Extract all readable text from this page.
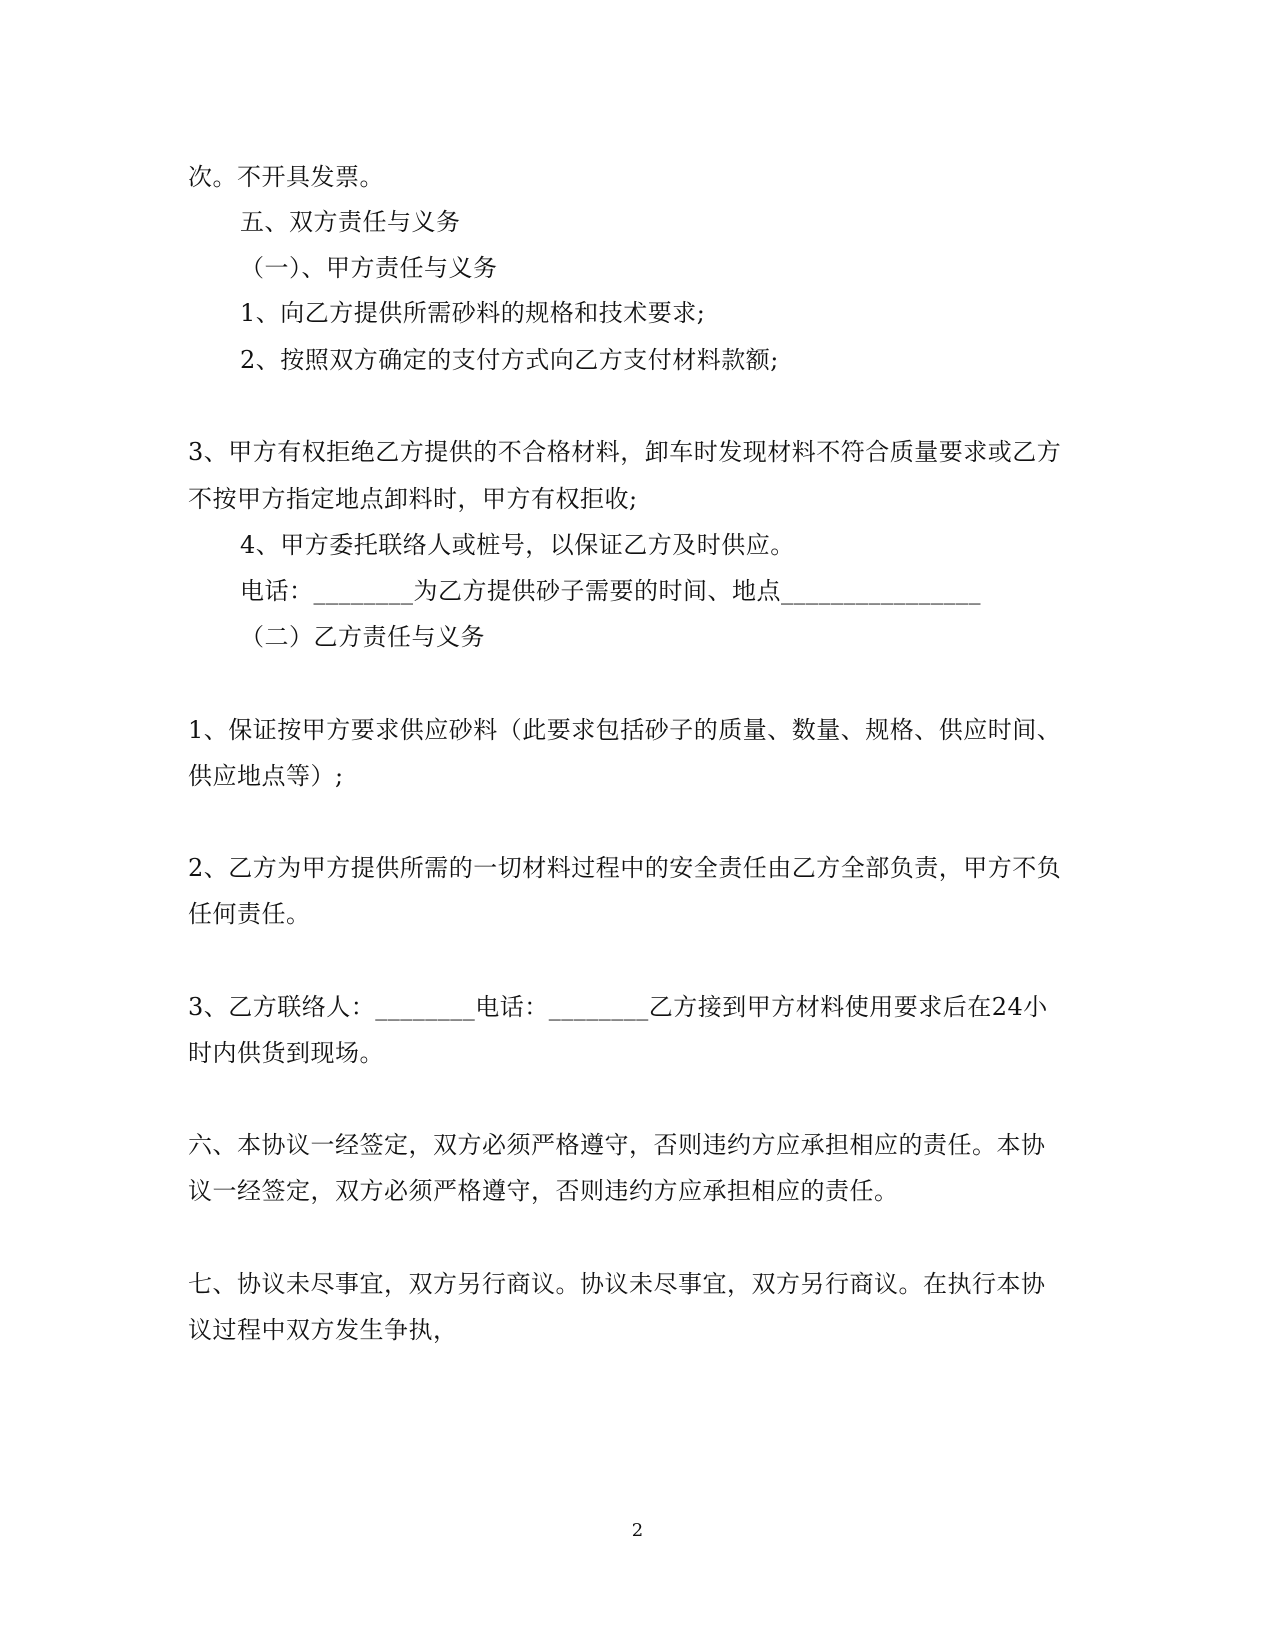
次。不开具发票。
五、双方责任与义务
（一）、甲方责任与义务
1、向乙方提供所需砂料的规格和技术要求;
2、按照双方确定的支付方式向乙方支付材料款额;
3、甲方有权拒绝乙方提供的不合格材料，卸车时发现材料不符合质量要求或乙方
不按甲方指定地点卸料时，甲方有权拒收;
4、甲方委托联络人或桩号，以保证乙方及时供应。
电话：________为乙方提供砂子需要的时间、地点________________
（二）乙方责任与义务
1、保证按甲方要求供应砂料（此要求包括砂子的质量、数量、规格、供应时间、
供应地点等）;
2、乙方为甲方提供所需的一切材料过程中的安全责任由乙方全部负责，甲方不负
任何责任。
3、乙方联络人：________电话：________乙方接到甲方材料使用要求后在24小
时内供货到现场。
六、本协议一经签定，双方必须严格遵守，否则违约方应承担相应的责任。本协
议一经签定，双方必须严格遵守，否则违约方应承担相应的责任。
七、协议未尽事宜，双方另行商议。协议未尽事宜，双方另行商议。在执行本协
议过程中双方发生争执，
2
